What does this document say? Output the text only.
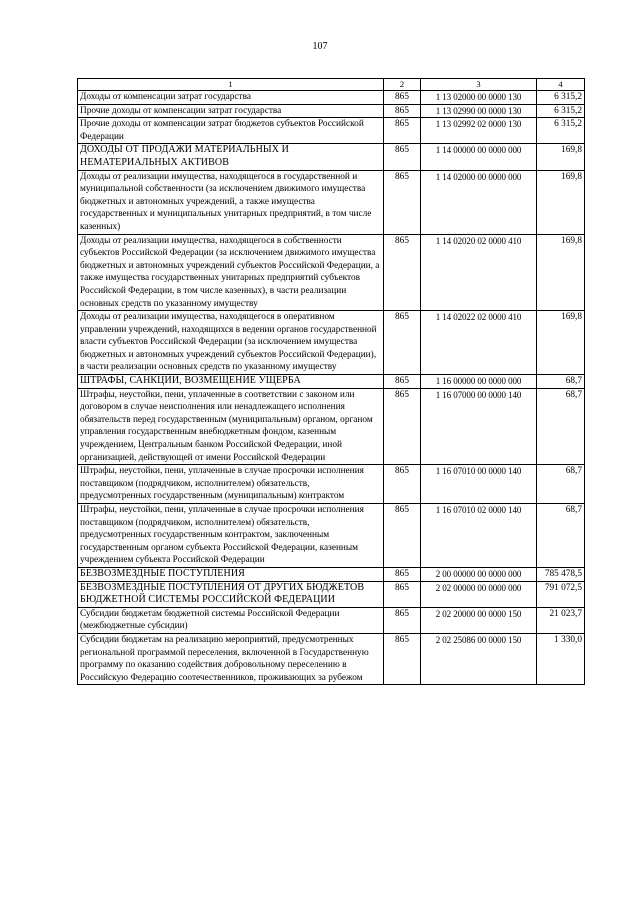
107
1	2	3	4
Доходы от компенсации затрат государства	865	1 13 02000 00 0000 130	6 315,2
Прочие доходы от компенсации затрат государства	865	1 13 02990 00 0000 130	6 315,2
Прочие доходы от компенсации затрат бюджетов субъектов Российской Федерации	865	1 13 02992 02 0000 130	6 315,2
ДОХОДЫ ОТ ПРОДАЖИ МАТЕРИАЛЬНЫХ И НЕМАТЕРИАЛЬНЫХ АКТИВОВ	865	1 14 00000 00 0000 000	169,8
Доходы от реализации имущества, находящегося в государственной и муниципальной собственности (за исключением движимого имущества бюджетных и автономных учреждений, а также имущества государственных и муниципальных унитарных предприятий, в том числе казенных)	865	1 14 02000 00 0000 000	169,8
Доходы от реализации имущества, находящегося в собственности субъектов Российской Федерации (за исключением движимого имущества бюджетных и автономных учреждений субъектов Российской Федерации, а также имущества государственных унитарных предприятий субъектов Российской Федерации, в том числе казенных), в части реализации основных средств по указанному имуществу	865	1 14 02020 02 0000 410	169,8
Доходы от реализации имущества, находящегося в оперативном управлении учреждений, находящихся в ведении органов государственной власти субъектов Российской Федерации (за исключением имущества бюджетных и автономных учреждений субъектов Российской Федерации), в части реализации основных средств по указанному имуществу	865	1 14 02022 02 0000 410	169,8
ШТРАФЫ, САНКЦИИ, ВОЗМЕЩЕНИЕ УЩЕРБА	865	1 16 00000 00 0000 000	68,7
Штрафы, неустойки, пени, уплаченные в соответствии с законом или договором в случае неисполнения или ненадлежащего исполнения обязательств перед государственным (муниципальным) органом, органом управления государственным внебюджетным фондом, казенным учреждением, Центральным банком Российской Федерации, иной организацией, действующей от имени Российской Федерации	865	1 16 07000 00 0000 140	68,7
Штрафы, неустойки, пени, уплаченные в случае просрочки исполнения поставщиком (подрядчиком, исполнителем) обязательств, предусмотренных государственным (муниципальным) контрактом	865	1 16 07010 00 0000 140	68,7
Штрафы, неустойки, пени, уплаченные в случае просрочки исполнения поставщиком (подрядчиком, исполнителем) обязательств, предусмотренных государственным контрактом, заключенным государственным органом субъекта Российской Федерации, казенным учреждением субъекта Российской Федерации	865	1 16 07010 02 0000 140	68,7
БЕЗВОЗМЕЗДНЫЕ ПОСТУПЛЕНИЯ	865	2 00 00000 00 0000 000	785 478,5
БЕЗВОЗМЕЗДНЫЕ ПОСТУПЛЕНИЯ ОТ ДРУГИХ БЮДЖЕТОВ БЮДЖЕТНОЙ СИСТЕМЫ РОССИЙСКОЙ ФЕДЕРАЦИИ	865	2 02 00000 00 0000 000	791 072,5
Субсидии бюджетам бюджетной системы Российской Федерации (межбюджетные субсидии)	865	2 02 20000 00 0000 150	21 023,7
Субсидии бюджетам на реализацию мероприятий, предусмотренных региональной программой переселения, включенной в Государственную программу по оказанию содействия добровольному переселению в Российскую Федерацию соотечественников, проживающих за рубежом	865	2 02 25086 00 0000 150	1 330,0
